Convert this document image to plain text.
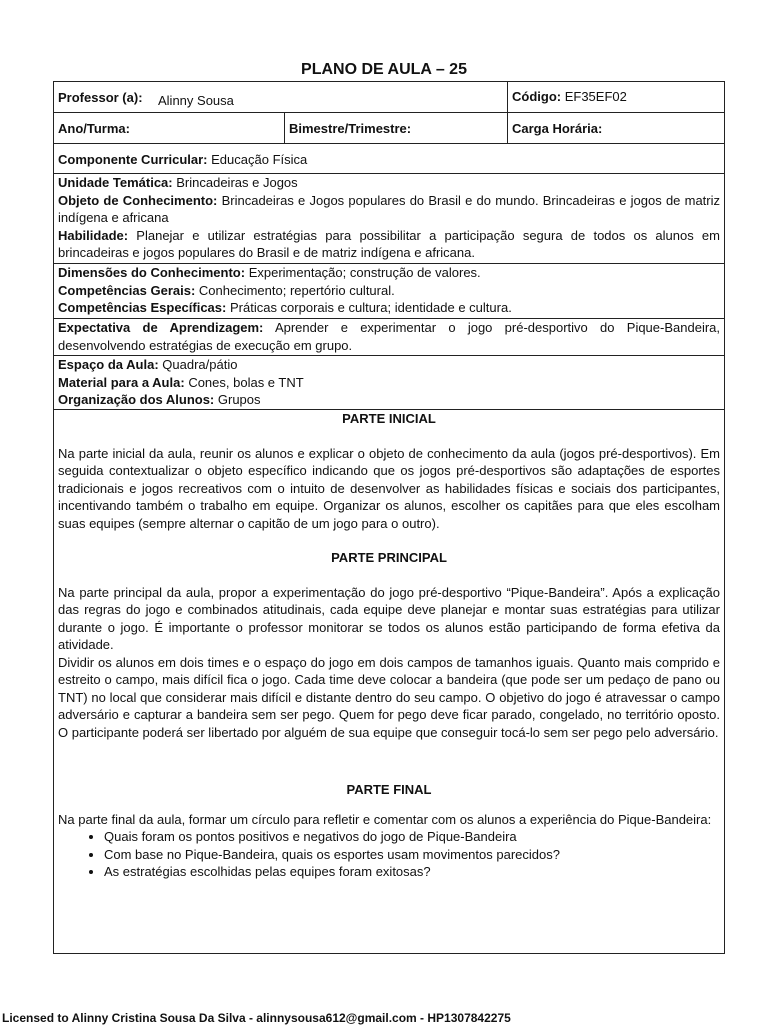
PLANO DE AULA – 25
Professor (a): Alinny Sousa	Código: EF35EF02
Ano/Turma:	Bimestre/Trimestre:	Carga Horária:
Componente Curricular: Educação Física

Unidade Temática: Brincadeiras e Jogos

Objeto de Conhecimento: Brincadeiras e Jogos populares do Brasil e do mundo. Brincadeiras e jogos de matriz indígena e africana

Habilidade: Planejar e utilizar estratégias para possibilitar a participação segura de todos os alunos em brincadeiras e jogos populares do Brasil e de matriz indígena e africana.

Dimensões do Conhecimento: Experimentação; construção de valores.

Competências Gerais: Conhecimento; repertório cultural.

Competências Específicas: Práticas corporais e cultura; identidade e cultura.

Expectativa de Aprendizagem: Aprender e experimentar o jogo pré-desportivo do Pique-Bandeira, desenvolvendo estratégias de execução em grupo.

Espaço da Aula: Quadra/pátio

Material para a Aula: Cones, bolas e TNT

Organização dos Alunos: Grupos

PARTE INICIAL

Na parte inicial da aula, reunir os alunos e explicar o objeto de conhecimento da aula (jogos pré-desportivos). Em seguida contextualizar o objeto específico indicando que os jogos pré-desportivos são adaptações de esportes tradicionais e jogos recreativos com o intuito de desenvolver as habilidades físicas e sociais dos participantes, incentivando também o trabalho em equipe. Organizar os alunos, escolher os capitães para que eles escolham suas equipes (sempre alternar o capitão de um jogo para o outro).

PARTE PRINCIPAL

Na parte principal da aula, propor a experimentação do jogo pré-desportivo “Pique-Bandeira”. Após a explicação das regras do jogo e combinados atitudinais, cada equipe deve planejar e montar suas estratégias para utilizar durante o jogo. É importante o professor monitorar se todos os alunos estão participando de forma efetiva da atividade.

Dividir os alunos em dois times e o espaço do jogo em dois campos de tamanhos iguais. Quanto mais comprido e estreito o campo, mais difícil fica o jogo. Cada time deve colocar a bandeira (que pode ser um pedaço de pano ou TNT) no local que considerar mais difícil e distante dentro do seu campo. O objetivo do jogo é atravessar o campo adversário e capturar a bandeira sem ser pego. Quem for pego deve ficar parado, congelado, no território oposto. O participante poderá ser libertado por alguém de sua equipe que conseguir tocá-lo sem ser pego pelo adversário.

PARTE FINAL

Na parte final da aula, formar um círculo para refletir e comentar com os alunos a experiência do Pique-Bandeira:

• Quais foram os pontos positivos e negativos do jogo de Pique-Bandeira
• Com base no Pique-Bandeira, quais os esportes usam movimentos parecidos?
• As estratégias escolhidas pelas equipes foram exitosas?
Licensed to Alinny Cristina Sousa Da Silva - alinnysousa612@gmail.com - HP1307842275
